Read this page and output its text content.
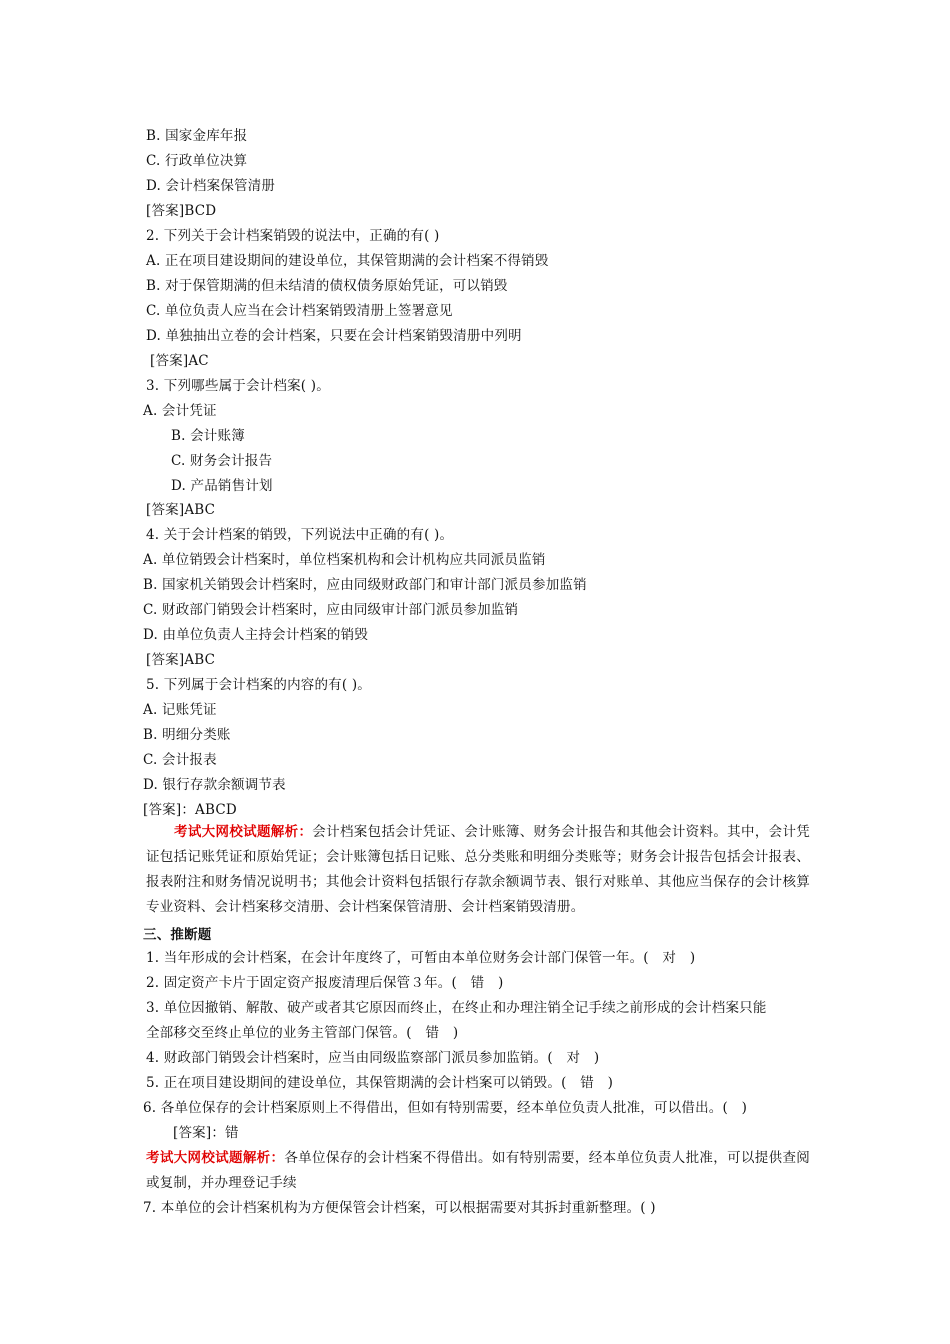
B. 国家金库年报
C. 行政单位决算
D. 会计档案保管清册
[答案]BCD
2. 下列关于会计档案销毁的说法中，正确的有( )
A. 正在项目建设期间的建设单位，其保管期满的会计档案不得销毁
B. 对于保管期满的但未结清的债权债务原始凭证，可以销毁
C. 单位负责人应当在会计档案销毁清册上签署意见
D. 单独抽出立卷的会计档案，只要在会计档案销毁清册中列明
[答案]AC
3. 下列哪些属于会计档案( )。
A. 会计凭证
B. 会计账簿
C. 财务会计报告
D. 产品销售计划
[答案]ABC
4. 关于会计档案的销毁，下列说法中正确的有( )。
A. 单位销毁会计档案时，单位档案机构和会计机构应共同派员监销
B. 国家机关销毁会计档案时，应由同级财政部门和审计部门派员参加监销
C. 财政部门销毁会计档案时，应由同级审计部门派员参加监销
D. 由单位负责人主持会计档案的销毁
[答案]ABC
5. 下列属于会计档案的内容的有( )。
A. 记账凭证
B. 明细分类账
C. 会计报表
D. 银行存款余额调节表
[答案]：ABCD
考试大网校试题解析：会计档案包括会计凭证、会计账簿、财务会计报告和其他会计资料。其中，会计凭证包括记账凭证和原始凭证；会计账簿包括日记账、总分类账和明细分类账等；财务会计报告包括会计报表、报表附注和财务情况说明书；其他会计资料包括银行存款余额调节表、银行对账单、其他应当保存的会计核算专业资料、会计档案移交清册、会计档案保管清册、会计档案销毁清册。
三、推断题
1. 当年形成的会计档案，在会计年度终了，可暂由本单位财务会计部门保管一年。(　对　)
2. 固定资产卡片于固定资产报废清理后保管３年。(　错　)
3. 单位因撤销、解散、破产或者其它原因而终止，在终止和办理注销全记手续之前形成的会计档案只能
全部移交至终止单位的业务主管部门保管。(　错　)
4. 财政部门销毁会计档案时，应当由同级监察部门派员参加监销。(　对　)
5. 正在项目建设期间的建设单位，其保管期满的会计档案可以销毁。(　错　)
6. 各单位保存的会计档案原则上不得借出，但如有特别需要，经本单位负责人批准，可以借出。(　)
[答案]：错
考试大网校试题解析：各单位保存的会计档案不得借出。如有特别需要，经本单位负责人批准，可以提供查阅或复制，并办理登记手续
7. 本单位的会计档案机构为方便保管会计档案，可以根据需要对其拆封重新整理。( )
